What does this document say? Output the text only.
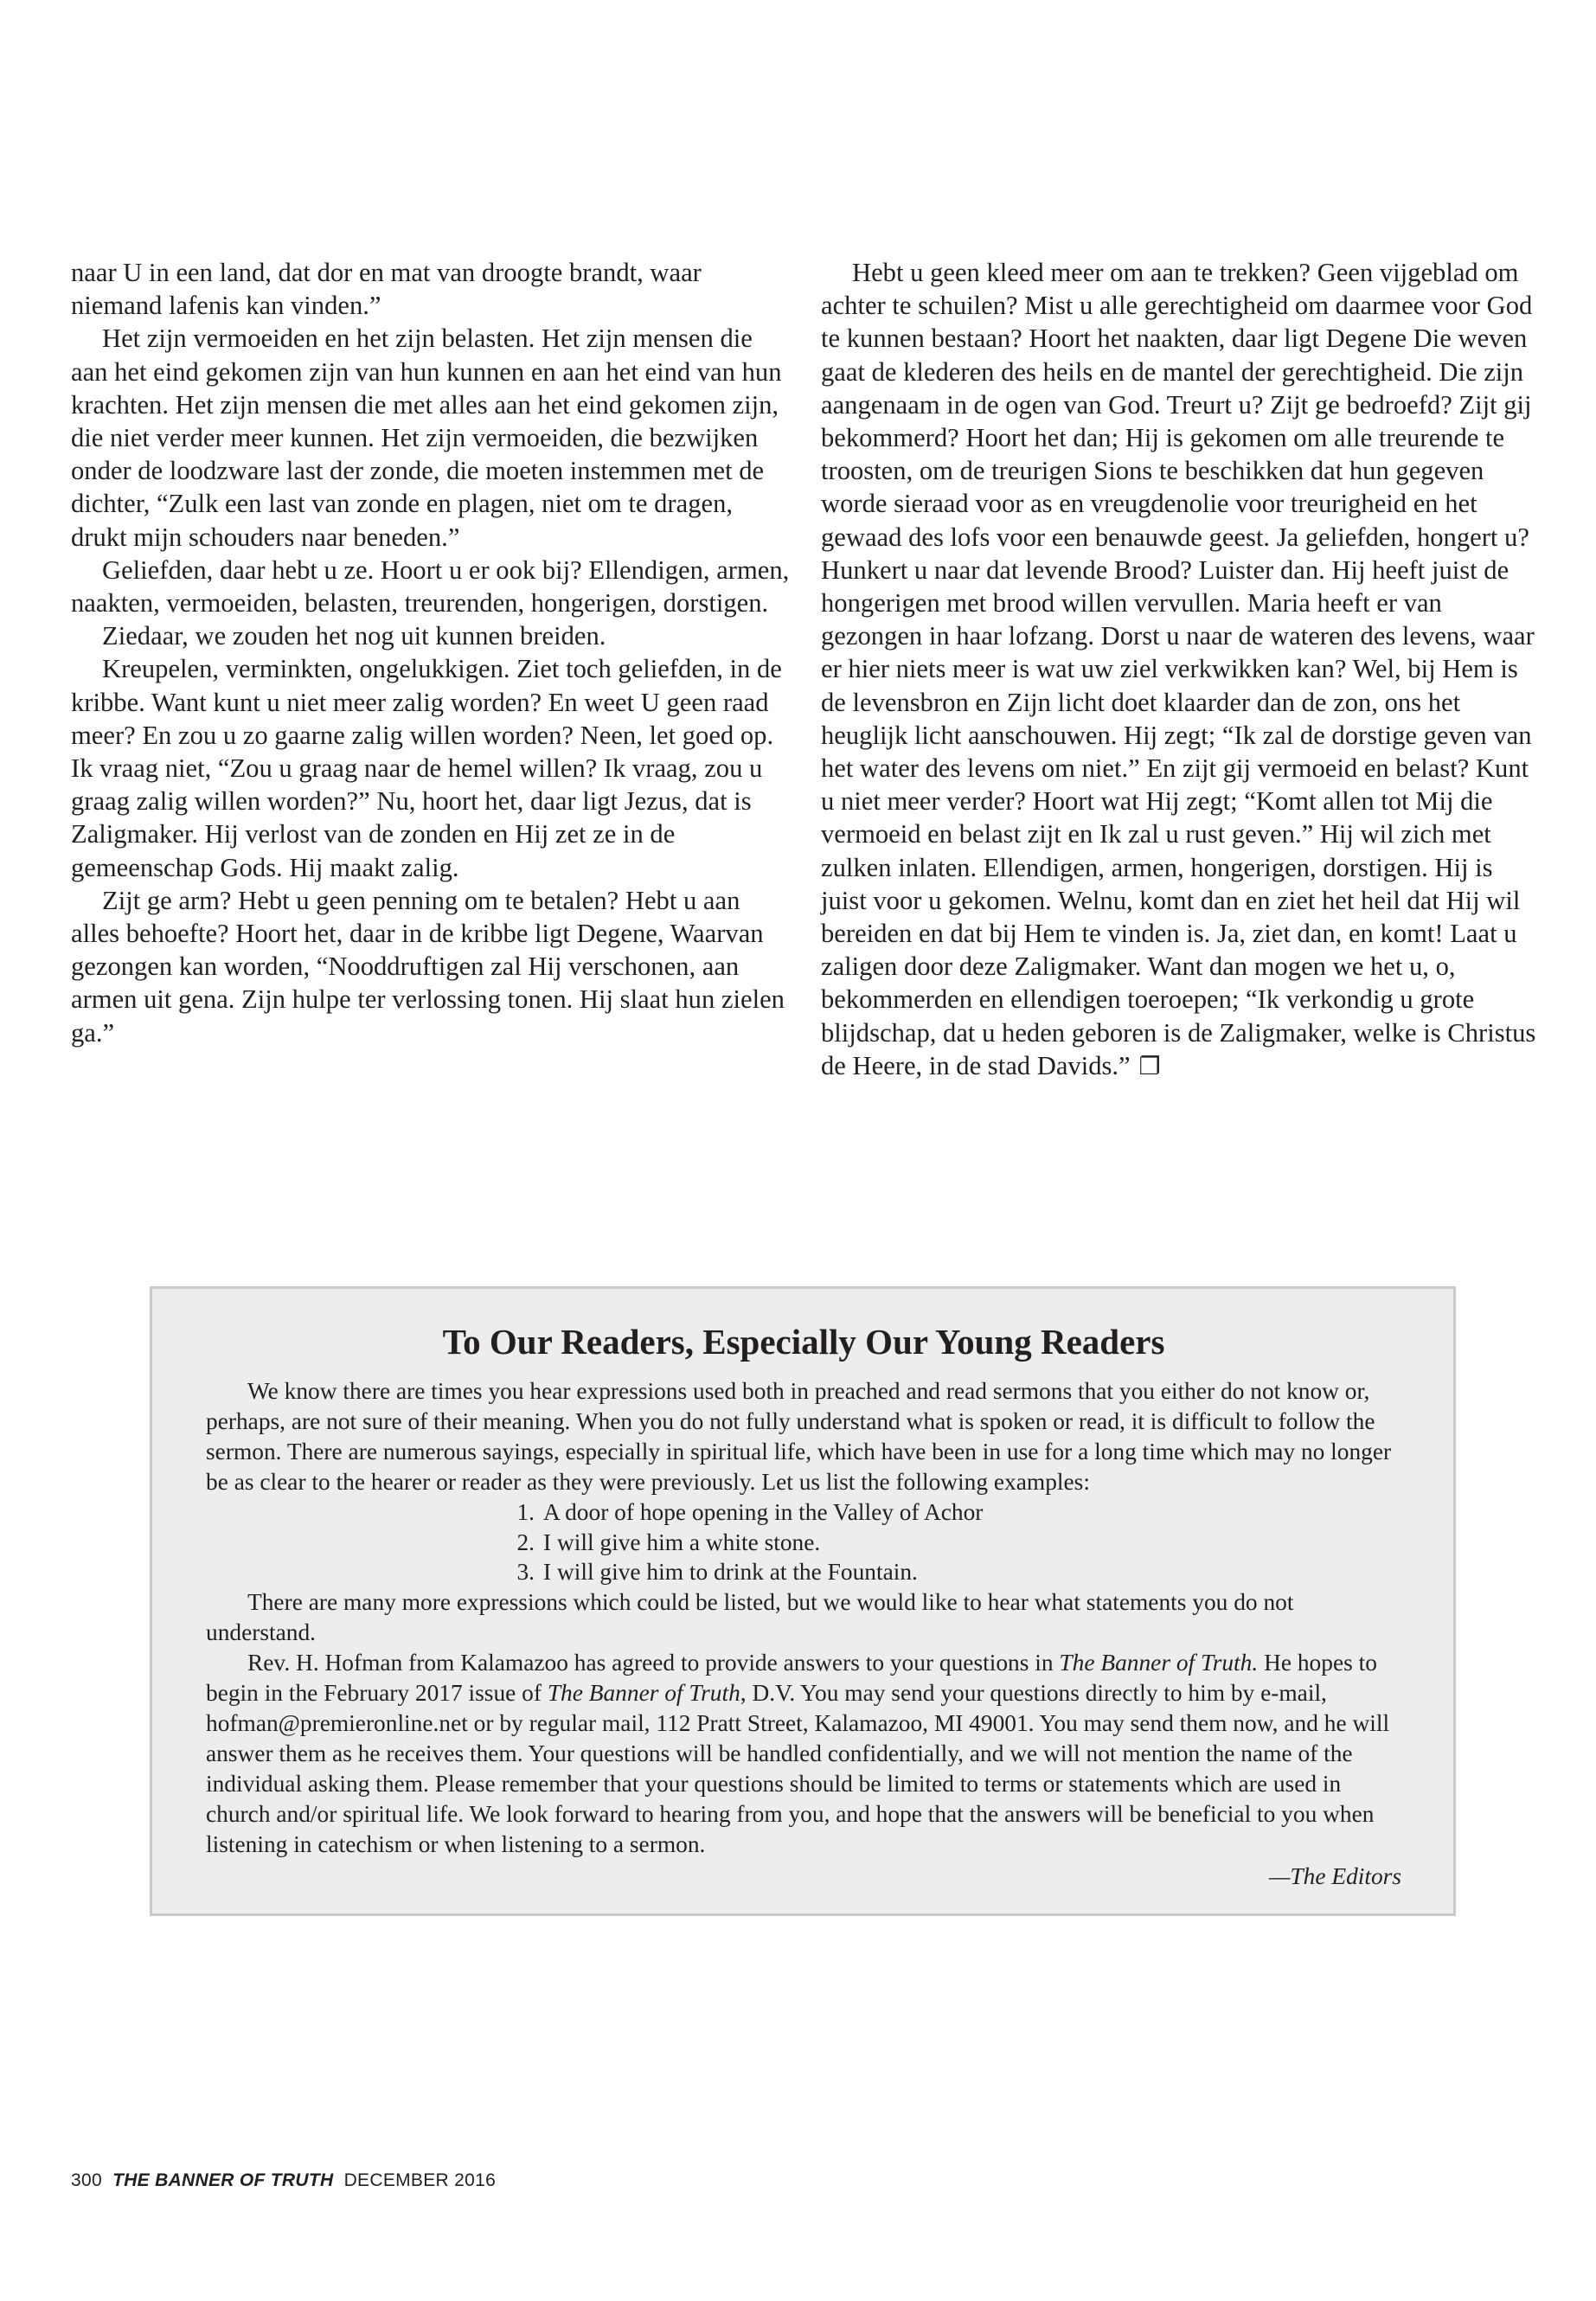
naar U in een land, dat dor en mat van droogte brandt, waar niemand lafenis kan vinden.”

Het zijn vermoeiden en het zijn belasten. Het zijn mensen die aan het eind gekomen zijn van hun kunnen en aan het eind van hun krachten. Het zijn mensen die met alles aan het eind gekomen zijn, die niet verder meer kunnen. Het zijn vermoeiden, die bezwijken onder de loodzware last der zonde, die moeten instemmen met de dichter, “Zulk een last van zonde en plagen, niet om te dragen, drukt mijn schouders naar beneden.”

Geliefden, daar hebt u ze. Hoort u er ook bij? Ellendigen, armen, naakten, vermoeiden, belasten, treurenden, hongerigen, dorstigen.

Ziedaar, we zouden het nog uit kunnen breiden.

Kreupelen, verminkten, ongelukkigen. Ziet toch geliefden, in de kribbe. Want kunt u niet meer zalig worden? En weet U geen raad meer? En zou u zo gaarne zalig willen worden? Neen, let goed op. Ik vraag niet, “Zou u graag naar de hemel willen? Ik vraag, zou u graag zalig willen worden?” Nu, hoort het, daar ligt Jezus, dat is Zaligmaker. Hij verlost van de zonden en Hij zet ze in de gemeenschap Gods. Hij maakt zalig.

Zijt ge arm? Hebt u geen penning om te betalen? Hebt u aan alles behoefte? Hoort het, daar in de kribbe ligt Degene, Waarvan gezongen kan worden, “Nooddruftigen zal Hij verschonen, aan armen uit gena. Zijn hulpe ter verlossing tonen. Hij slaat hun zielen ga.”

Hebt u geen kleed meer om aan te trekken? Geen vijgeblad om achter te schuilen? Mist u alle gerechtigheid om daarmee voor God te kunnen bestaan? Hoort het naakten, daar ligt Degene Die weven gaat de klederen des heils en de mantel der gerechtigheid. Die zijn aangenaam in de ogen van God. Treurt u? Zijt ge bedroefd? Zijt gij bekommerd? Hoort het dan; Hij is gekomen om alle treurende te troosten, om de treurigen Sions te beschikken dat hun gegeven worde sieraad voor as en vreugdenolie voor treurigheid en het gewaad des lofs voor een benauwde geest. Ja geliefden, hongert u? Hunkert u naar dat levende Brood? Luister dan. Hij heeft juist de hongerigen met brood willen vervullen. Maria heeft er van gezongen in haar lofzang. Dorst u naar de wateren des levens, waar er hier niets meer is wat uw ziel verkwikken kan? Wel, bij Hem is de levensbron en Zijn licht doet klaarder dan de zon, ons het heuglijk licht aanschouwen. Hij zegt; “Ik zal de dorstige geven van het water des levens om niet.” En zijt gij vermoeid en belast? Kunt u niet meer verder? Hoort wat Hij zegt; “Komt allen tot Mij die vermoeid en belast zijt en Ik zal u rust geven.” Hij wil zich met zulken inlaten. Ellendigen, armen, hongerigen, dorstigen. Hij is juist voor u gekomen. Welnu, komt dan en ziet het heil dat Hij wil bereiden en dat bij Hem te vinden is. Ja, ziet dan, en komt! Laat u zaligen door deze Zaligmaker. Want dan mogen we het u, o, bekommerden en ellendigen toeroepen; “Ik verkondig u grote blijdschap, dat u heden geboren is de Zaligmaker, welke is Christus de Heere, in de stad Davids.” ❐

To Our Readers, Especially Our Young Readers

We know there are times you hear expressions used both in preached and read sermons that you either do not know or, perhaps, are not sure of their meaning. When you do not fully understand what is spoken or read, it is difficult to follow the sermon. There are numerous sayings, especially in spiritual life, which have been in use for a long time which may no longer be as clear to the hearer or reader as they were previously. Let us list the following examples:

1. A door of hope opening in the Valley of Achor
2. I will give him a white stone.
3. I will give him to drink at the Fountain.

There are many more expressions which could be listed, but we would like to hear what statements you do not understand.

Rev. H. Hofman from Kalamazoo has agreed to provide answers to your questions in The Banner of Truth. He hopes to begin in the February 2017 issue of The Banner of Truth, D.V. You may send your questions directly to him by e-mail, hofman@premieronline.net or by regular mail, 112 Pratt Street, Kalamazoo, MI 49001. You may send them now, and he will answer them as he receives them. Your questions will be handled confidentially, and we will not mention the name of the individual asking them. Please remember that your questions should be limited to terms or statements which are used in church and/or spiritual life. We look forward to hearing from you, and hope that the answers will be beneficial to you when listening in catechism or when listening to a sermon.

—The Editors

300 THE BANNER OF TRUTH DECEMBER 2016
